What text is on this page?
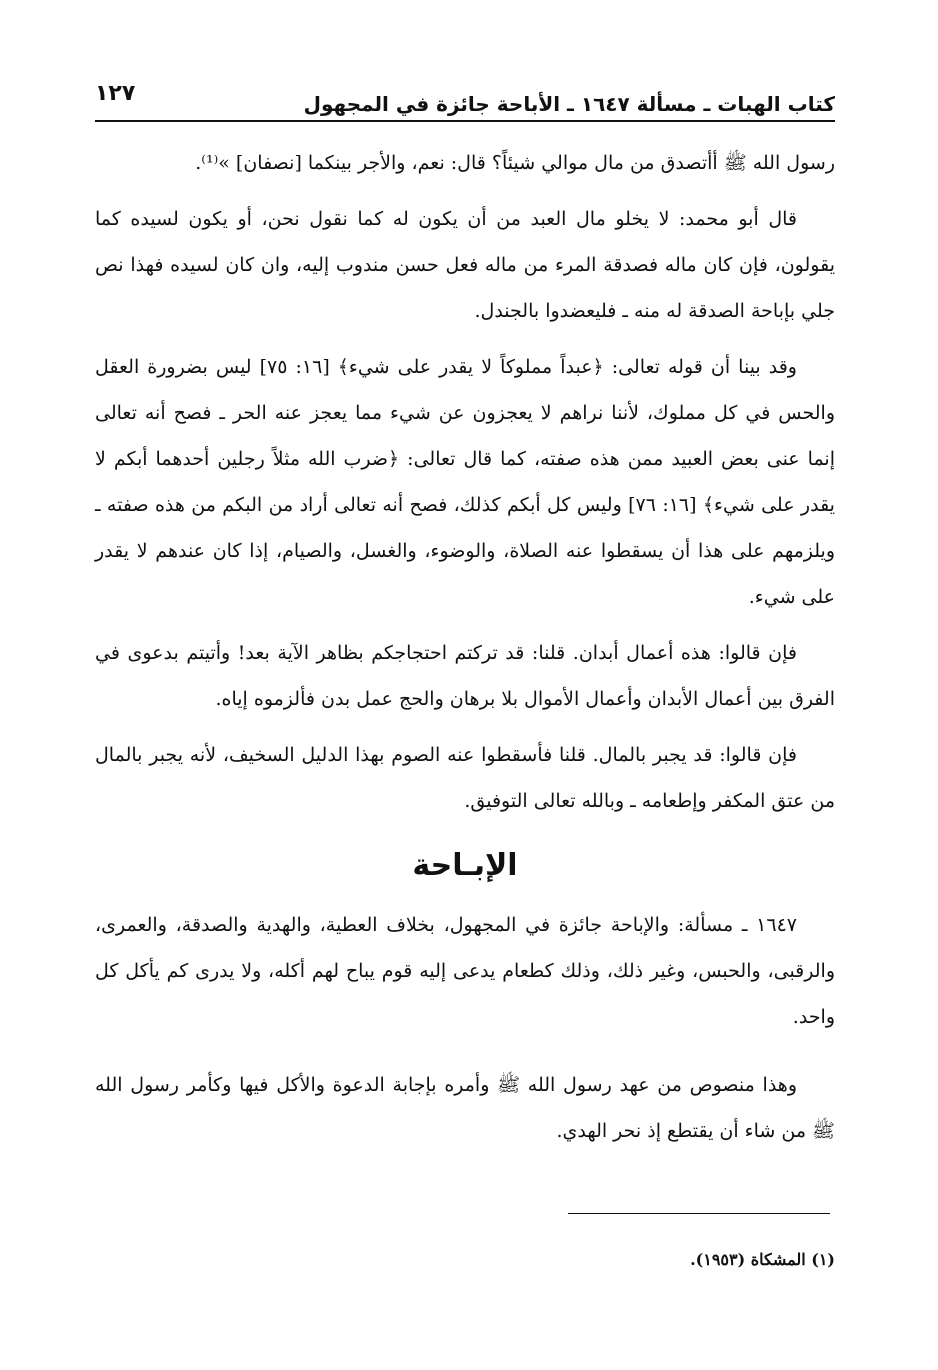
كتاب الهبات ـ مسألة ١٦٤٧ ـ الأباحة جائزة في المجهول
١٢٧

رسول الله ﷺ أأتصدق من مال موالي شيئاً؟ قال: نعم، والأجر بينكما [نصفان] »⁽¹⁾.

قال أبو محمد: لا يخلو مال العبد من أن يكون له كما نقول نحن، أو يكون لسيده كما يقولون، فإن كان ماله فصدقة المرء من ماله فعل حسن مندوب إليه، وان كان لسيده فهذا نص جلي بإباحة الصدقة له منه ـ فليعضدوا بالجندل.

وقد بينا أن قوله تعالى: ﴿عبداً مملوكاً لا يقدر على شيء﴾ [١٦: ٧٥] ليس بضرورة العقل والحس في كل مملوك، لأننا نراهم لا يعجزون عن شيء مما يعجز عنه الحر ـ فصح أنه تعالى إنما عنى بعض العبيد ممن هذه صفته، كما قال تعالى: ﴿ضرب الله مثلاً رجلين أحدهما أبكم لا يقدر على شيء﴾ [١٦: ٧٦] وليس كل أبكم كذلك، فصح أنه تعالى أراد من البكم من هذه صفته ـ ويلزمهم على هذا أن يسقطوا عنه الصلاة، والوضوء، والغسل، والصيام، إذا كان عندهم لا يقدر على شيء.

فإن قالوا: هذه أعمال أبدان. قلنا: قد تركتم احتجاجكم بظاهر الآية بعد! وأتيتم بدعوى في الفرق بين أعمال الأبدان وأعمال الأموال بلا برهان والحج عمل بدن فألزموه إياه.

فإن قالوا: قد يجبر بالمال. قلنا فأسقطوا عنه الصوم بهذا الدليل السخيف، لأنه يجبر بالمال من عتق المكفر وإطعامه ـ وبالله تعالى التوفيق.

الإبـاحة

١٦٤٧ ـ مسألة: والإباحة جائزة في المجهول، بخلاف العطية، والهدية والصدقة، والعمرى، والرقبى، والحبس، وغير ذلك، وذلك كطعام يدعى إليه قوم يباح لهم أكله، ولا يدرى كم يأكل كل واحد.

وهذا منصوص من عهد رسول الله ﷺ وأمره بإجابة الدعوة والأكل فيها وكأمر رسول الله ﷺ من شاء أن يقتطع إذ نحر الهدي.

(١) المشكاة (١٩٥٣).
